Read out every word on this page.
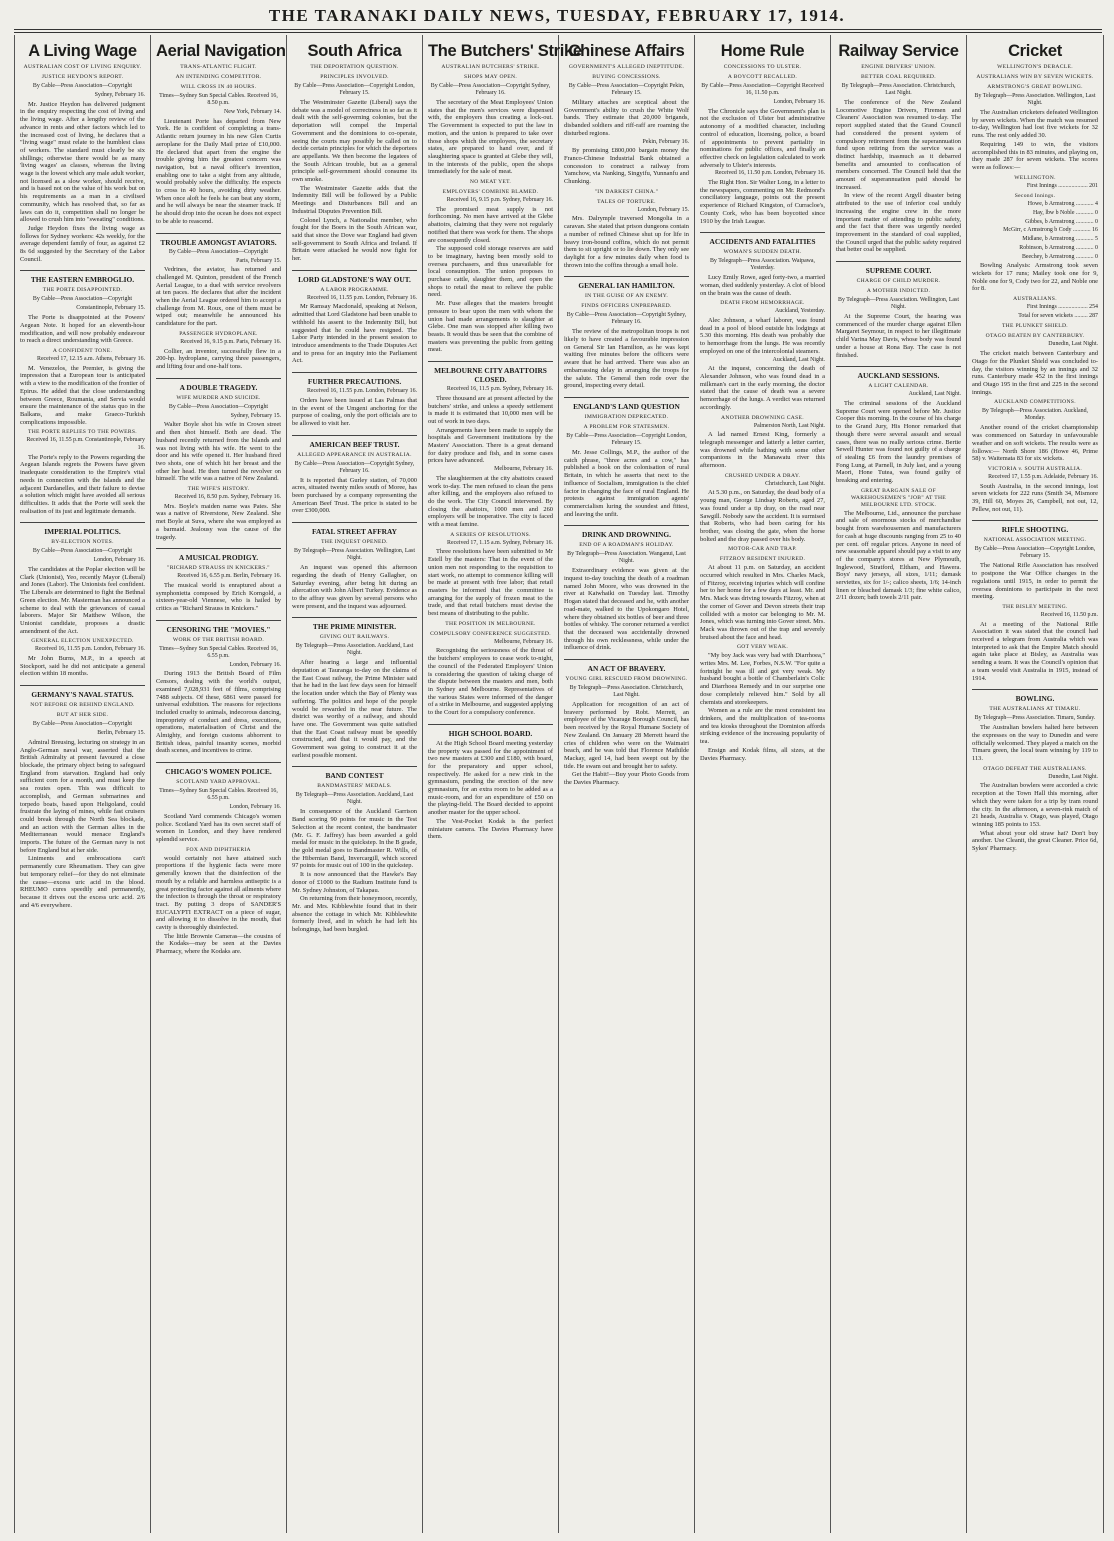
THE TARANAKI DAILY NEWS, TUESDAY, FEBRUARY 17, 1914.
A Living Wage
AUSTRALIAN COST OF LIVING ENQUIRY.
JUSTICE HEYDON'S REPORT.
By Cable—Press Association—Copyright
Sydney, February 16.

Mr. Justice Heydon has delivered judgment in the enquiry respecting the cost of living and the living wage. After a lengthy review of the advance in rents and other factors which led to the increased cost of living, he declares that a "living wage" must relate to the humblest class of workers. The standard must clearly be six shillings; otherwise there would be as many 'living wages' as classes, whereas the living wage is the lowest which any male adult worker, not licensed as a slow worker, should receive, and is based not on the value of his work but on his requirements as a man in a civilised community, which has resolved that, so far as laws can do it, competition shall no longer be allowed to crush him into "sweating" conditions.

Judge Heydon fixes the living wage as follows for Sydney workers: 42s weekly, for the average dependent family of four, as against £2 8s 6d suggested by the Secretary of the Labor Council.

THE EASTERN EMBROGLIO.
THE PORTE DISAPPOINTED.
By Cable—Press Association—Copyright
Constantinople, February 15.

The Porte is disappointed at the Powers' Aegean Note. It hoped for an eleventh-hour modification, and will now probably endeavour to reach a direct understanding with Greece.

A CONFIDENT TONE.
Received 17, 12.15 a.m. Athens, February 16.

M. Venezelos, the Premier, is giving the impression that a European tour is anticipated with a view to the modification of the frontier of Epirus. He added that the close understanding between Greece, Roumania, and Servia would ensure the maintenance of the status quo in the Balkans, and make Graeco-Turkish complications impossible.

THE PORTE REPLIES TO THE POWERS.
Received 16, 11.55 p.m. Constantinople, February 16.

The Porte's reply to the Powers regarding the Aegean Islands regrets the Powers have given inadequate consideration to the Empire's vital needs in connection with the islands and the adjacent Dardanelles, and their failure to devise a solution which might have avoided all serious difficulties. It adds that the Porte will seek the realisation of its just and legitimate demands.

IMPERIAL POLITICS.
BY-ELECTION NOTES.
By Cable—Press Association—Copyright
London, February 16.

The candidates at the Poplar election will be Clark (Unionist), Yeo, recently Mayor (Liberal) and Jones (Labor). The Unionists feel confident. The Liberals are determined to fight the Bethnal Green election. Mr. Masterman has announced a scheme to deal with the grievances of casual laborers. Major Sir Matthew Wilson, the Unionist candidate, proposes a drastic amendment of the Act.

GENERAL ELECTION UNEXPECTED.
Received 16, 11.55 p.m. London, February 16.

Mr John Burns, M.P., in a speech at Stockport, said he did not anticipate a general election within 18 months.

GERMANY'S NAVAL STATUS.
NOT BEFORE OR BEHIND ENGLAND.
BUT AT HER SIDE.
By Cable—Press Association—Copyright
Berlin, February 15.

Admiral Breusing, lecturing on strategy in an Anglo-German naval war, asserted that the British Admiralty at present favoured a close blockade, the primary object being to safeguard England from starvation. England had only sufficient corn for a month, and must keep the sea routes open. This was difficult to accomplish, and German submarines and torpedo boats, based upon Heligoland, could frustrate the laying of mines, while fast cruisers could break through the North Sea blockade, and an action with the German allies in the Mediterranean would menace England's imports. The future of the German navy is not before England but at her side.

Liniments and embrocations can't permanently cure Rheumatism. They can give but temporary relief—for they do not eliminate the cause—excess uric acid in the blood. RHEUMO cures speedily and permanently, because it drives out the excess uric acid. 2/6 and 4/6 everywhere.

Aerial Navigation
TRANS-ATLANTIC FLIGHT.
AN INTENDING COMPETITOR.
WILL CROSS IN 40 HOURS.
Times—Sydney Sun Special Cables. Received 16, 8.50 p.m.
New York, February 14.

Lieutenant Porte has departed from New York. He is confident of completing a trans-Atlantic return journey in his new Glen Curtis aeroplane for the Daily Mail prize of £10,000. He declared that apart from the engine the trouble giving him the greatest concern was navigation, but a naval officer's invention, enabling one to take a sight from any altitude, would probably solve the difficulty. He expects to cross in 40 hours, avoiding dirty weather. When once aloft he feels he can beat any storm, and he will always be near the steamer track. If he should drop into the ocean he does not expect to be able to reascend.

TROUBLE AMONGST AVIATORS.
By Cable—Press Association—Copyright
Paris, February 15.

Vedrines, the aviator, has returned and challenged M. Quinton, president of the French Aerial League, to a duel with service revolvers at ten paces. He declares that after the incident when the Aerial League ordered him to accept a challenge from M. Roux, one of them must be wiped out; meanwhile he announced his candidature for the part.

PASSENGER HYDROPLANE.
Received 16, 9.15 p.m. Paris, February 16.

Collier, an inventor, successfully flew in a 200-hp. hydroplane, carrying three passengers, and lifting four and one-half tons.

A DOUBLE TRAGEDY.
WIFE MURDER AND SUICIDE.
By Cable—Press Association—Copyright
Sydney, February 15.

Walter Boyle shot his wife in Crown street and then shot himself. Both are dead. The husband recently returned from the Islands and was not living with his wife. He went to the door and his wife opened it. Her husband fired two shots, one of which hit her breast and the other her head. He then turned the revolver on himself. The wife was a native of New Zealand.

THE WIFE'S HISTORY.
Received 16, 8.50 p.m. Sydney, February 16.

Mrs. Boyle's maiden name was Pates. She was a native of Riverstone, New Zealand. She met Boyle at Suva, where she was employed as a barmaid. Jealousy was the cause of the tragedy.

A MUSICAL PRODIGY.
"RICHARD STRAUSS IN KNICKERS."
Received 16, 6.55 p.m. Berlin, February 16.

The musical world is enraptured about a symphonietta composed by Erich Korngold, a sixteen-year-old Viennese, who is hailed by critics as "Richard Strauss in Knickers."

CENSORING THE "MOVIES."
WORK OF THE BRITISH BOARD.
Times—Sydney Sun Special Cables. Received 16, 6.55 p.m.
London, February 16.

During 1913 the British Board of Film Censors, dealing with the world's output, examined 7,028,931 feet of films, comprising 7488 subjects. Of these, 6861 were passed for universal exhibition. The reasons for rejections included cruelty to animals, indecorous dancing, impropriety of conduct and dress, executions, operations, materialisation of Christ and the Almighty, and foreign customs abhorrent to British ideas, painful insanity scenes, morbid death scenes, and incentives to crime.

CHICAGO'S WOMEN POLICE.
SCOTLAND YARD APPROVAL.
Times—Sydney Sun Special Cables. Received 16, 6.55 p.m.
London, February 16.

Scotland Yard commends Chicago's women police. Scotland Yard has its own secret staff of women in London, and they have rendered splendid service.

FOX AND DIPHTHERIA

would certainly not have attained such proportions if the hygienic facts were more generally known that the disinfection of the mouth by a reliable and harmless antiseptic is a great protecting factor against all ailments where the infection is through the throat or respiratory tract. By putting 3 drops of SANDER'S EUCALYPTI EXTRACT on a piece of sugar, and allowing it to dissolve in the mouth, that cavity is thoroughly disinfected.

The little Brownie Cameras—the cousins of the Kodaks—may be seen at the Davies Pharmacy, where the Kodaks are.

South Africa
THE DEPORTATION QUESTION.
PRINCIPLES INVOLVED.
By Cable—Press Association—Copyright London, February 15.

The Westminster Gazette (Liberal) says the debate was a model of correctness in so far as it dealt with the self-governing colonies, but the deportation will compel the Imperial Government and the dominions to co-operate, seeing the courts may possibly be called on to decide certain principles for which the deportees are appellants. We then become the legatees of the South African trouble, but as a general principle self-government should consume its own smoke.

The Westminster Gazette adds that the Indemnity Bill will be followed by a Public Meetings and Disturbances Bill and an Industrial Disputes Prevention Bill.

Colonel Lynch, a Nationalist member, who fought for the Boers in the South African war, said that since the Dove war England had given self-government to South Africa and Ireland. If Britain were attacked he would now fight for her.

LORD GLADSTONE'S WAY OUT.
A LABOR PROGRAMME.
Received 16, 11.55 p.m. London, February 16.

Mr Ramsay Macdonald, speaking at Nelson, admitted that Lord Gladstone had been unable to withhold his assent to the Indemnity Bill, but suggested that he could have resigned. The Labor Party intended in the present session to introduce amendments to the Trade Disputes Act and to press for an inquiry into the Parliament Act.

FURTHER PRECAUTIONS.
Received 16, 11.55 p.m. London, February 16.

Orders have been issued at Las Palmas that in the event of the Umgeni anchoring for the purpose of coaling, only the port officials are to be allowed to visit her.

AMERICAN BEEF TRUST.
ALLEGED APPEARANCE IN AUSTRALIA.
By Cable—Press Association—Copyright Sydney, February 16.

It is reported that Gurley station, of 70,000 acres, situated twenty miles south of Moree, has been purchased by a company representing the American Beef Trust. The price is stated to be over £300,000.

FATAL STREET AFFRAY
THE INQUEST OPENED.
By Telegraph—Press Association. Wellington, Last Night.

An inquest was opened this afternoon regarding the death of Henry Gallagher, on Saturday evening, after being hit during an altercation with John Albert Turkey. Evidence as to the affray was given by several persons who were present, and the inquest was adjourned.

THE PRIME MINISTER.
GIVING OUT RAILWAYS.
By Telegraph—Press Association. Auckland, Last Night.

After hearing a large and influential deputation at Tauranga to-day on the claims of the East Coast railway, the Prime Minister said that he had in the last few days seen for himself the location under which the Bay of Plenty was suffering. The politics and hope of the people would be rewarded in the near future. The district was worthy of a railway, and should have one. The Government was quite satisfied that the East Coast railway must be speedily constructed, and that it would pay, and the Government was going to construct it at the earliest possible moment.

BAND CONTEST
BANDMASTERS' MEDALS.
By Telegraph—Press Association. Auckland, Last Night.

In consequence of the Auckland Garrison Band scoring 90 points for music in the Test Selection at the recent contest, the bandmaster (Mr. G. F. Jaffrey) has been awarded a gold medal for music in the quickstep. In the B grade, the gold medal goes to Bandmaster R. Wills, of the Hibernian Band, Invercargill, which scored 97 points for music out of 100 in the quickstep.

It is now announced that the Hawke's Bay donor of £1000 to the Radium Institute fund is Mr. Sydney Johnston, of Takapau.

On returning from their honeymoon, recently, Mr. and Mrs. Kibblewhite found that in their absence the cottage in which Mr. Kibblewhite formerly lived, and in which he had left his belongings, had been burgled.

The Butchers' Strike
AUSTRALIAN BUTCHERS' STRIKE.
SHOPS MAY OPEN.
By Cable—Press Association—Copyright Sydney, February 16.

The secretary of the Meat Employees' Union states that the men's services were dispensed with, the employers thus creating a lock-out. The Government is expected to put the law in motion, and the union is prepared to take over those shops which the employers, the secretary states, are prepared to hand over, and if slaughtering space is granted at Glebe they will, in the interests of the public, open the shops immediately for the sale of meat.

NO MEAT YET.
EMPLOYERS' COMBINE BLAMED.
Received 16, 9.15 p.m. Sydney, February 16.

The promised meat supply is not forthcoming. No men have arrived at the Glebe abattoirs, claiming that they were not regularly notified that there was work for them. The shops are consequently closed.

The supposed cold storage reserves are said to be imaginary, having been mostly sold to oversea purchasers, and thus unavailable for local consumption. The union proposes to purchase cattle, slaughter them, and open the shops to retail the meat to relieve the public need.

Mr. Fuse alleges that the masters brought pressure to bear upon the men with whom the union had made arrangements to slaughter at Glebe. One man was stopped after killing two beasts. It would thus be seen that the combine of masters was preventing the public from getting meat.

MELBOURNE CITY ABATTOIRS CLOSED.
Received 16, 11.5 p.m. Sydney, February 16.

Three thousand are at present affected by the butchers' strike, and unless a speedy settlement is made it is estimated that 10,000 men will be out of work in two days.

Arrangements have been made to supply the hospitals and Government institutions by the Masters' Association. There is a great demand for dairy produce and fish, and in some cases prices have advanced.

Melbourne, February 16.

The slaughtermen at the city abattoirs ceased work to-day. The men refused to clean the pens after killing, and the employers also refused to do the work. The City Council intervened. By closing the abattoirs, 1000 men and 260 employers will be inoperative. The city is faced with a meat famine.

A SERIES OF RESOLUTIONS.
Received 17, 1.15 a.m. Sydney, February 16.

Three resolutions have been submitted to Mr Estell by the masters: That in the event of the union men not responding to the requisition to start work, no attempt to commence killing will be made at present with free labor; that retail masters be informed that the committee is arranging for the supply of frozen meat to the trade, and that retail butchers must devise the best means of distributing to the public.

THE POSITION IN MELBOURNE.
COMPULSORY CONFERENCE SUGGESTED.
Melbourne, February 16.

Recognising the seriousness of the threat of the butchers' employees to cease work to-night, the council of the Federated Employers' Union is considering the question of taking charge of the dispute between the masters and men, both in Sydney and Melbourne. Representatives of the various States were informed of the danger of a strike in Melbourne, and suggested applying to the Court for a compulsory conference.

HIGH SCHOOL BOARD.

At the High School Board meeting yesterday the property was passed for the appointment of two new masters at £300 and £180, with board, for the preparatory and upper school, respectively. He asked for a new rink in the gymnasium, pending the erection of the new gymnasium, for an extra room to be added as a music-room, and for an expenditure of £50 on the playing-field. The Board decided to appoint another master for the upper school.

The Vest-Pocket Kodak is the perfect miniature camera. The Davies Pharmacy have them.

Chinese Affairs
GOVERNMENT'S ALLEGED INEPTITUDE.
BUYING CONCESSIONS.
By Cable—Press Association—Copyright Pekin, February 15.

Military attaches are sceptical about the Government's ability to crush the White Wolf bands. They estimate that 20,000 brigands, disbanded soldiers and riff-raff are roaming the disturbed regions.

Pekin, February 16.

By promising £800,000 bargain money the Franco-Chinese Industrial Bank obtained a concession to construct a railway from Yamchow, via Nanking, Singyifu, Yunnanfu and Chunking.

"IN DARKEST CHINA."
TALES OF TORTURE.
London, February 15.

Mrs. Dalrymple traversed Mongolia in a caravan. She stated that prison dungeons contain a number of refined Chinese shut up for life in heavy iron-bound coffins, which do not permit them to sit upright or to lie down. They only see daylight for a few minutes daily when food is thrown into the coffins through a small hole.

GENERAL IAN HAMILTON.
IN THE GUISE OF AN ENEMY.
FINDS OFFICERS UNPREPARED.
By Cable—Press Association—Copyright Sydney, February 16.

The review of the metropolitan troops is not likely to have created a favourable impression on General Sir Ian Hamilton, as he was kept waiting five minutes before the officers were aware that he had arrived. There was also an embarrassing delay in arranging the troops for the salute. The General then rode over the ground, inspecting every detail.

ENGLAND'S LAND QUESTION
IMMIGRATION DEPRECATED.
A PROBLEM FOR STATESMEN.
By Cable—Press Association—Copyright London, February 15.

Mr. Jesse Collings, M.P., the author of the catch phrase, "three acres and a cow," has published a book on the colonisation of rural Britain, in which he asserts that next to the influence of Socialism, immigration is the chief factor in changing the face of rural England. He protests against immigration agents' commercialism luring the soundest and fittest, and leaving the unfit.

DRINK AND DROWNING.
END OF A ROADMAN'S HOLIDAY.
By Telegraph—Press Association. Wanganui, Last Night.

Extraordinary evidence was given at the inquest to-day touching the death of a roadman named John Moore, who was drowned in the river at Kaiwhaiki on Tuesday last. Timothy Hogan stated that deceased and he, with another road-mate, walked to the Upokongaro Hotel, where they obtained six bottles of beer and three bottles of whisky. The coroner returned a verdict that the deceased was accidentally drowned through his own recklessness, while under the influence of drink.

AN ACT OF BRAVERY.
YOUNG GIRL RESCUED FROM DROWNING.
By Telegraph—Press Association. Christchurch, Last Night.

Application for recognition of an act of bravery performed by Robt. Merrett, an employee of the Vicarage Borough Council, has been received by the Royal Humane Society of New Zealand. On January 28 Merrett heard the cries of children who were on the Waimairi beach, and he was told that Florence Mathilde Mackay, aged 14, had been swept out by the tide. He swam out and brought her to safety.

Get the Habit!—Buy your Photo Goods from the Davies Pharmacy.

Home Rule
CONCESSIONS TO ULSTER.
A BOYCOTT RECALLED.
By Cable—Press Association—Copyright Received 16, 11.50 p.m.
London, February 16.

The Chronicle says the Government's plan is not the exclusion of Ulster but administrative autonomy of a modified character, including control of education, licensing, police, a board of appointments to prevent partiality in nominations for public offices, and finally an effective check on legislation calculated to work adversely to Ulster's interests.

Received 16, 11.50 p.m. London, February 16.

The Right Hon. Sir Walter Long, in a letter to the newspapers, commenting on Mr. Redmond's conciliatory language, points out the present experience of Richard Kingston, of Curracloe's, County Cork, who has been boycotted since 1910 by the Irish League.

ACCIDENTS AND FATALITIES
WOMAN'S SUDDEN DEATH.
By Telegraph—Press Association. Waipawa, Yesterday.

Lucy Emily Rowe, aged forty-two, a married woman, died suddenly yesterday. A clot of blood on the brain was the cause of death.

DEATH FROM HEMORRHAGE.
Auckland, Yesterday.

Alec Johnson, a wharf laborer, was found dead in a pool of blood outside his lodgings at 5.30 this morning. His death was probably due to hemorrhage from the lungs. He was recently employed on one of the intercolonial steamers.

Auckland, Last Night.

At the inquest, concerning the death of Alexander Johnson, who was found dead in a milkman's cart in the early morning, the doctor stated that the cause of death was a severe hemorrhage of the lungs. A verdict was returned accordingly.

ANOTHER DROWNING CASE.
Palmerston North, Last Night.

A lad named Ernest King, formerly a telegraph messenger and latterly a letter carrier, was drowned while bathing with some other companions in the Manawatu river this afternoon.

CRUSHED UNDER A DRAY.
Christchurch, Last Night.

At 5.30 p.m., on Saturday, the dead body of a young man, George Lindsay Roberts, aged 27, was found under a tip dray, on the road near Sawgill. Nobody saw the accident. It is surmised that Roberts, who had been caring for his brother, was closing the gate, when the horse bolted and the dray passed over his body.

MOTOR-CAR AND TRAP.
FITZROY RESIDENT INJURED.

At about 11 p.m. on Saturday, an accident occurred which resulted in Mrs. Charles Mack, of Fitzroy, receiving injuries which will confine her to her home for a few days at least. Mr. and Mrs. Mack was driving towards Fitzroy, when at the corner of Gover and Devon streets their trap collided with a motor car belonging to Mr. M. Jones, which was turning into Gover street. Mrs. Mack was thrown out of the trap and severely bruised about the face and head.

GOT VERY WEAK.

"My boy Jack was very bad with Diarrhoea," writes Mrs. M. Lee, Forbes, N.S.W. "For quite a fortnight he was ill and got very weak. My husband bought a bottle of Chamberlain's Colic and Diarrhoea Remedy and in our surprise one dose completely relieved him." Sold by all chemists and storekeepers.

Women as a rule are the most consistent tea drinkers, and the multiplication of tea-rooms and tea kiosks throughout the Dominion affords striking evidence of the increasing popularity of tea.

Ensign and Kodak films, all sizes, at the Davies Pharmacy.

Railway Service
ENGINE DRIVERS' UNION.
BETTER COAL REQUIRED.
By Telegraph—Press Association. Christchurch, Last Night.

The conference of the New Zealand Locomotive Engine Drivers, Firemen and Cleaners' Association was resumed to-day. The report supplied stated that the Grand Council had considered the present system of compulsory retirement from the superannuation fund upon retiring from the service was a distinct hardship, inasmuch as it debarred benefits and amounted to confiscation of members concerned. The Council held that the amount of superannuation paid should be increased.

In view of the recent Argyll disaster being attributed to the use of inferior coal unduly increasing the engine crew in the more important matter of attending to public safety, and the fact that there was urgently needed improvement in the standard of coal supplied, the Council urged that the public safety required that better coal be supplied.

SUPREME COURT.
CHARGE OF CHILD MURDER.
A MOTHER INDICTED.
By Telegraph—Press Association. Wellington, Last Night.

At the Supreme Court, the hearing was commenced of the murder charge against Ellen Margaret Seymour, in respect to her illegitimate child Varina May Davis, whose body was found under a house at Rona Bay. The case is not finished.

AUCKLAND SESSIONS.
A LIGHT CALENDAR.
Auckland, Last Night.

The criminal sessions of the Auckland Supreme Court were opened before Mr. Justice Cooper this morning. In the course of his charge to the Grand Jury, His Honor remarked that though there were several assault and sexual cases, there was no really serious crime. Bertie Sewell Hunter was found not guilty of a charge of stealing £6 from the laundry premises of Fong Lung, at Parnell, in July last, and a young Maori, Hone Tutea, was found guilty of breaking and entering.

GREAT BARGAIN SALE OF WAREHOUSEMEN'S "JOB" AT THE MELBOURNE LTD. STOCK.

The Melbourne, Ltd., announce the purchase and sale of enormous stocks of merchandise bought from warehousemen and manufacturers for cash at huge discounts ranging from 25 to 40 per cent. off regular prices. Anyone in need of new seasonable apparel should pay a visit to any of the company's stores at New Plymouth, Inglewood, Stratford, Eltham, and Hawera. Boys' navy jerseys, all sizes, 1/11; damask serviettes, six for 1/-; calico sheets, 1/6; 14-inch linen or bleached damask 1/3; fine white calico, 2/11 dozen; bath towels 2/11 pair.

Cricket
WELLINGTON'S DEBACLE.
AUSTRALIANS WIN BY SEVEN WICKETS.
ARMSTRONG'S GREAT BOWLING.
By Telegraph—Press Association. Wellington, Last Night.

The Australian cricketers defeated Wellington by seven wickets. When the match was resumed to-day, Wellington had lost five wickets for 32 runs. The rest only added 30.

Requiring 149 to win, the visitors accomplished this in 83 minutes, and playing on, they made 287 for seven wickets. The scores were as follows:—

WELLINGTON.
First Innings .................... 201
Second Innings.
Howe, b Armstrong ............ 4
Hay, lbw b Noble ............ 0
Gibbes, b Armstrong ............ 0
McGirr, c Armstrong b Cody ............ 16
Midlane, b Armstrong ............ 5
Robinson, b Armstrong ............ 0
Beechey, b Armstrong ............ 0

Bowling Analysis: Armstrong took seven wickets for 17 runs; Mailey took one for 9, Noble one for 9, Cody two for 22, and Noble one for 8.

AUSTRALIANS.
First Innings .................... 254
Total for seven wickets ......... 287
THE PLUNKET SHIELD.
OTAGO BEATEN BY CANTERBURY.
Dunedin, Last Night.

The cricket match between Canterbury and Otago for the Plunket Shield was concluded to-day, the visitors winning by an innings and 32 runs. Canterbury made 452 in the first innings and Otago 195 in the first and 225 in the second innings.

AUCKLAND COMPETITIONS.
By Telegraph—Press Association. Auckland, Monday.

Another round of the cricket championship was commenced on Saturday in unfavourable weather and on soft wickets. The results were as follows:— North Shore 186 (Howe 46, Prime 58) v. Waitemata 83 for six wickets.

VICTORIA v. SOUTH AUSTRALIA.
Received 17, 1.55 p.m. Adelaide, February 16.

South Australia, in the second innings, lost seven wickets for 222 runs (Smith 34, Mismore 39, Hill 60, Moyes 26, Campbell, not out, 12, Pellew, not out, 11).

RIFLE SHOOTING.
NATIONAL ASSOCIATION MEETING.
By Cable—Press Association—Copyright London, February 15.

The National Rifle Association has resolved to postpone the War Office changes in the regulations until 1915, in order to permit the oversea dominions to participate in the next meeting.

THE BISLEY MEETING.
Received 16, 11.50 p.m.

At a meeting of the National Rifle Association it was stated that the council had received a telegram from Australia which was interpreted to ask that the Empire Match should again take place at Bisley, as Australia was sending a team. It was the Council's opinion that a team would visit Australia in 1915, instead of 1914.

BOWLING.
THE AUSTRALIANS AT TIMARU.
By Telegraph—Press Association. Timaru, Sunday.

The Australian bowlers halted here between the expresses on the way to Dunedin and were officially welcomed. They played a match on the Timaru green, the local team winning by 119 to 113.

OTAGO DEFEAT THE AUSTRALIANS.
Dunedin, Last Night.

The Australian bowlers were accorded a civic reception at the Town Hall this morning, after which they were taken for a trip by tram round the city. In the afternoon, a seven-rink match of 21 heads, Australia v. Otago, was played, Otago winning 185 points to 153.

What about your old straw hat? Don't buy another. Use Cleanit, the great Cleaner. Price 6d, Sykes' Pharmacy.
